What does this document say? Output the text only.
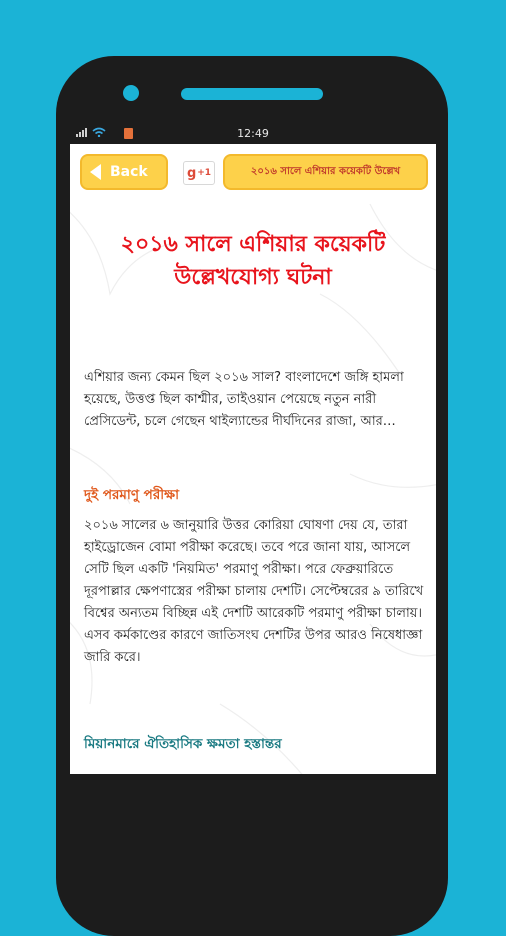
12:49
Back	g +1	২০১৬ সালে এশিয়ার কয়েকটি উল্লেখ
২০১৬ সালে এশিয়ার কয়েকটি উল্লেখযোগ্য ঘটনা
এশিয়ার জন্য কেমন ছিল ২০১৬ সাল? বাংলাদেশে জঙ্গি হামলা হয়েছে, উত্তপ্ত ছিল কাশ্মীর, তাইওয়ান পেয়েছে নতুন নারী প্রেসিডেন্ট, চলে গেছেন থাইল্যান্ডের দীর্ঘদিনের রাজা, আর…
দুই পরমাণু পরীক্ষা
২০১৬ সালের ৬ জানুয়ারি উত্তর কোরিয়া ঘোষণা দেয় যে, তারা হাইড্রোজেন বোমা পরীক্ষা করেছে। তবে পরে জানা যায়, আসলে সেটি ছিল একটি 'নিয়মিত' পরমাণু পরীক্ষা। পরে ফেব্রুয়ারিতে দূরপাল্লার ক্ষেপণাস্ত্রের পরীক্ষা চালায় দেশটি। সেপ্টেম্বরের ৯ তারিখে বিশ্বের অন্যতম বিচ্ছিন্ন এই দেশটি আরেকটি পরমাণু পরীক্ষা চালায়। এসব কর্মকাণ্ডের কারণে জাতিসংঘ দেশটির উপর আরও নিষেধাজ্ঞা জারি করে।
মিয়ানমারে ঐতিহাসিক ক্ষমতা হস্তান্তর
